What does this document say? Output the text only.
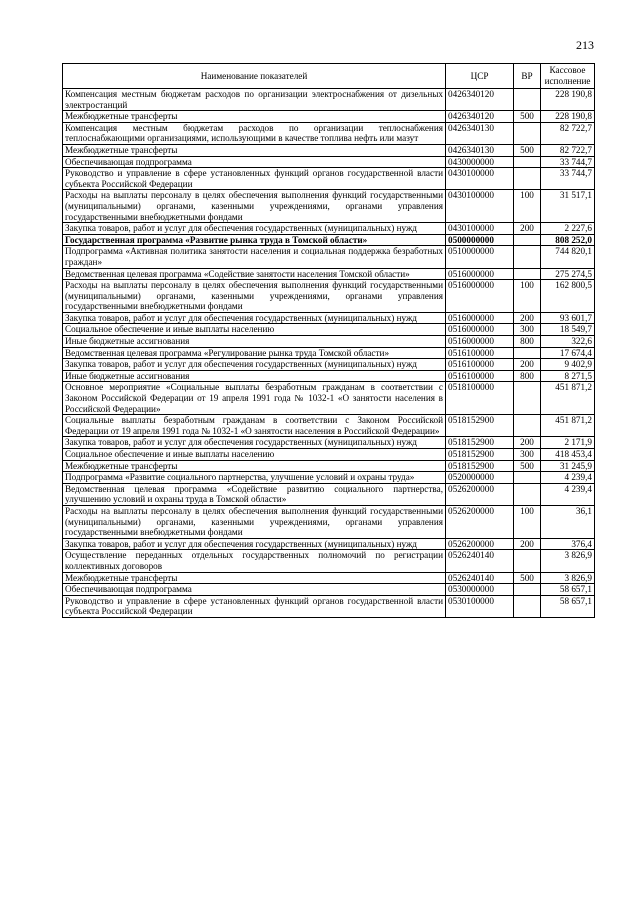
213
Наименование показателей	ЦСР	ВР	Кассовое исполнение
Компенсация местным бюджетам расходов по организации электроснабжения от дизельных электростанций	0426340120		228 190,8
Межбюджетные трансферты	0426340120	500	228 190,8
Компенсация местным бюджетам расходов по организации теплоснабжения теплоснабжающими организациями, использующими в качестве топлива нефть или мазут	0426340130		82 722,7
Межбюджетные трансферты	0426340130	500	82 722,7
Обеспечивающая подпрограмма	0430000000		33 744,7
Руководство и управление в сфере установленных функций органов государственной власти субъекта Российской Федерации	0430100000		33 744,7
Расходы на выплаты персоналу в целях обеспечения выполнения функций государственными (муниципальными) органами, казенными учреждениями, органами управления государственными внебюджетными фондами	0430100000	100	31 517,1
Закупка товаров, работ и услуг для обеспечения государственных (муниципальных) нужд	0430100000	200	2 227,6
Государственная программа «Развитие рынка труда в Томской области»	0500000000		808 252,0
Подпрограмма «Активная политика занятости населения и социальная поддержка безработных граждан»	0510000000		744 820,1
Ведомственная целевая программа «Содействие занятости населения Томской области»	0516000000		275 274,5
Расходы на выплаты персоналу в целях обеспечения выполнения функций государственными (муниципальными) органами, казенными учреждениями, органами управления государственными внебюджетными фондами	0516000000	100	162 800,5
Закупка товаров, работ и услуг для обеспечения государственных (муниципальных) нужд	0516000000	200	93 601,7
Социальное обеспечение и иные выплаты населению	0516000000	300	18 549,7
Иные бюджетные ассигнования	0516000000	800	322,6
Ведомственная целевая программа «Регулирование рынка труда Томской области»	0516100000		17 674,4
Закупка товаров, работ и услуг для обеспечения государственных (муниципальных) нужд	0516100000	200	9 402,9
Иные бюджетные ассигнования	0516100000	800	8 271,5
Основное мероприятие «Социальные выплаты безработным гражданам в соответствии с Законом Российской Федерации от 19 апреля 1991 года № 1032-1 «О занятости населения в Российской Федерации»	0518100000		451 871,2
Социальные выплаты безработным гражданам в соответствии с Законом Российской Федерации от 19 апреля 1991 года № 1032-1 «О занятости населения в Российской Федерации»	0518152900		451 871,2
Закупка товаров, работ и услуг для обеспечения государственных (муниципальных) нужд	0518152900	200	2 171,9
Социальное обеспечение и иные выплаты населению	0518152900	300	418 453,4
Межбюджетные трансферты	0518152900	500	31 245,9
Подпрограмма «Развитие социального партнерства, улучшение условий и охраны труда»	0520000000		4 239,4
Ведомственная целевая программа «Содействие развитию социального партнерства, улучшению условий и охраны труда в Томской области»	0526200000		4 239,4
Расходы на выплаты персоналу в целях обеспечения выполнения функций государственными (муниципальными) органами, казенными учреждениями, органами управления государственными внебюджетными фондами	0526200000	100	36,1
Закупка товаров, работ и услуг для обеспечения государственных (муниципальных) нужд	0526200000	200	376,4
Осуществление переданных отдельных государственных полномочий по регистрации коллективных договоров	0526240140		3 826,9
Межбюджетные трансферты	0526240140	500	3 826,9
Обеспечивающая подпрограмма	0530000000		58 657,1
Руководство и управление в сфере установленных функций органов государственной власти субъекта Российской Федерации	0530100000		58 657,1
